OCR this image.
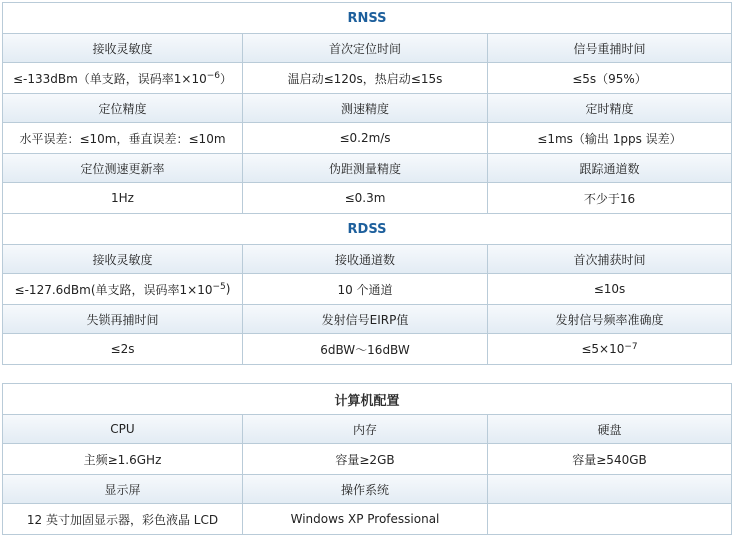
RNSS
接收灵敏度	首次定位时间	信号重捕时间
≤-133dBm（单支路，误码率$1\times 10^{-6}$ ）	温启动≤120s，热启动≤15s	≤5s（95%）
定位精度	测速精度	定时精度
水平误差：≤10m，垂直误差：≤10m	≤0.2m/s	≤1ms（输出 1pps 误差）
定位测速更新率	伪距测量精度	跟踪通道数
1Hz	≤0.3m	不少于16
RDSS
接收灵敏度	接收通道数	首次捕获时间
≤-127.6dBm(单支路，误码率$1\times 10^{-5}$ )	10 个通道	≤10s
失锁再捕时间	发射信号EIRP值	发射信号频率准确度
≤2s	6dBW～16dBW	$\le 5\times 10^{-7}$
计算机配置
CPU	内存	硬盘
主频≥1.6GHz	容量≥2GB	容量≥540GB
显示屏	操作系统
12 英寸加固显示器，彩色液晶 LCD	Windows XP Professional
